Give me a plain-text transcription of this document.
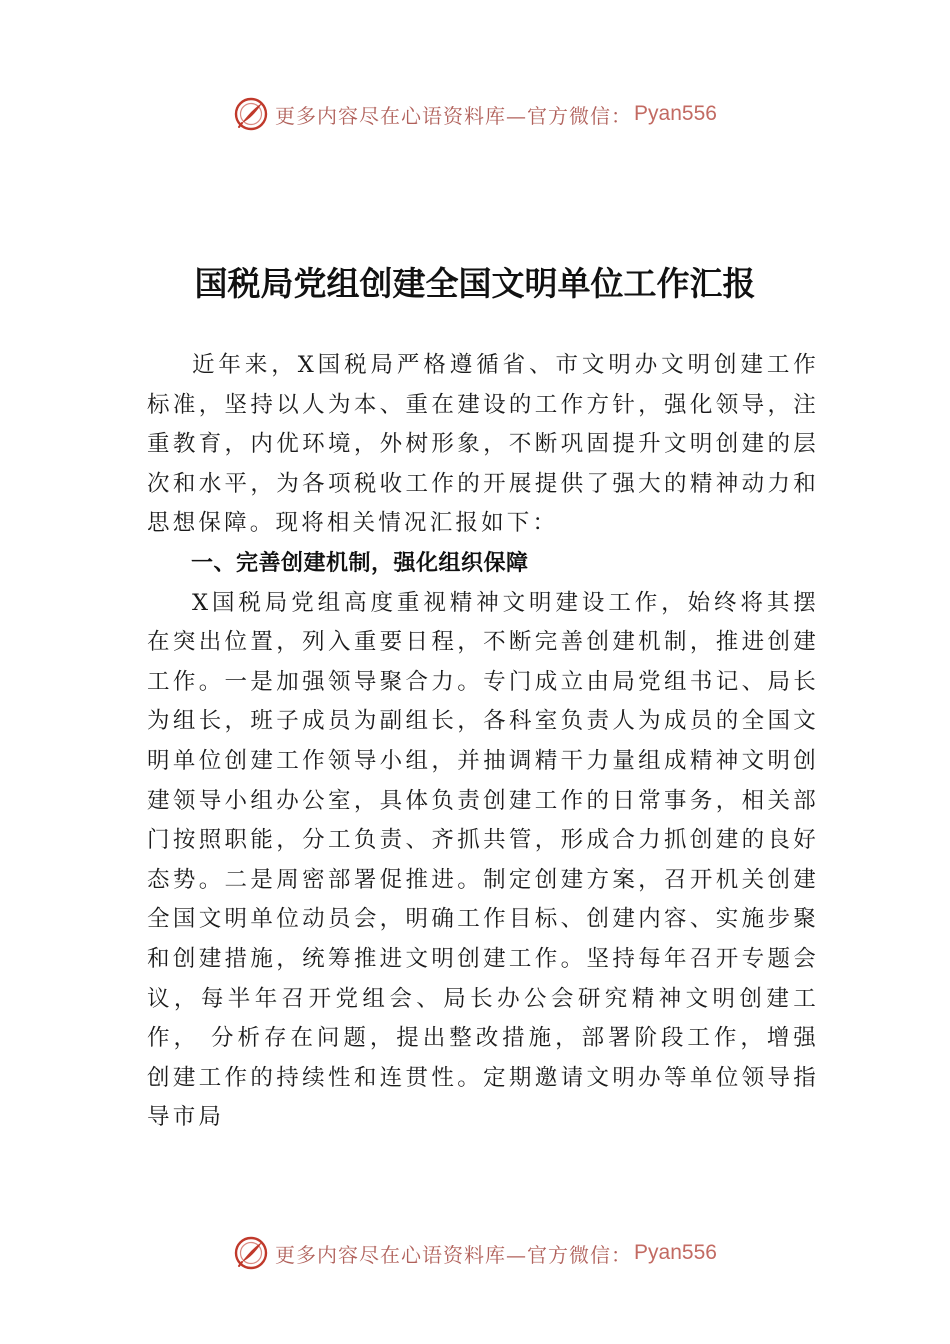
更多内容尽在心语资料库—官方微信： Pyan556
国税局党组创建全国文明单位工作汇报

近年来，X国税局严格遵循省、市文明办文明创建工作标准，坚持以人为本、重在建设的工作方针，强化领导，注重教育，内优环境，外树形象，不断巩固提升文明创建的层次和水平，为各项税收工作的开展提供了强大的精神动力和思想保障。现将相关情况汇报如下：

一、完善创建机制，强化组织保障

X国税局党组高度重视精神文明建设工作，始终将其摆在突出位置，列入重要日程，不断完善创建机制，推进创建工作。一是加强领导聚合力。专门成立由局党组书记、局长为组长，班子成员为副组长，各科室负责人为成员的全国文明单位创建工作领导小组，并抽调精干力量组成精神文明创建领导小组办公室，具体负责创建工作的日常事务，相关部门按照职能，分工负责、齐抓共管，形成合力抓创建的良好态势。二是周密部署促推进。制定创建方案，召开机关创建全国文明单位动员会，明确工作目标、创建内容、实施步聚和创建措施，统筹推进文明创建工作。坚持每年召开专题会议，每半年召开党组会、局长办公会研究精神文明创建工作， 分析存在问题，提出整改措施，部署阶段工作，增强创建工作的持续性和连贯性。定期邀请文明办等单位领导指导市局

更多内容尽在心语资料库—官方微信： Pyan556
